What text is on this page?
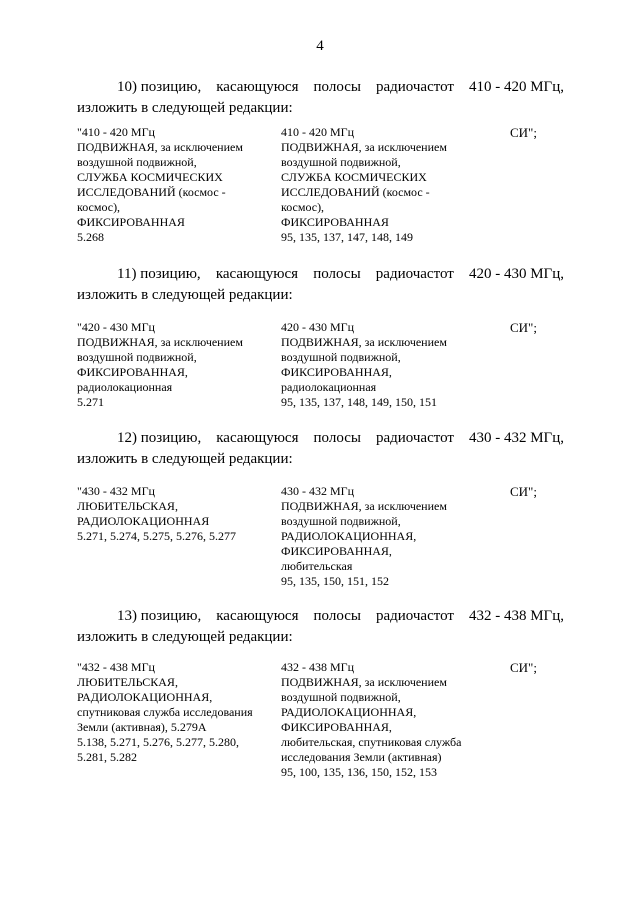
4
10) позицию, касающуюся полосы радиочастот 410 - 420 МГц,
изложить в следующей редакции:
"410 - 420 МГц
ПОДВИЖНАЯ, за исключением
воздушной подвижной,
СЛУЖБА КОСМИЧЕСКИХ
ИССЛЕДОВАНИЙ (космос -
космос),
ФИКСИРОВАННАЯ
5.268
410 - 420 МГц
ПОДВИЖНАЯ, за исключением
воздушной подвижной,
СЛУЖБА КОСМИЧЕСКИХ
ИССЛЕДОВАНИЙ (космос -
космос),
ФИКСИРОВАННАЯ
95, 135, 137, 147, 148, 149
СИ";
11) позицию, касающуюся полосы радиочастот 420 - 430 МГц,
изложить в следующей редакции:
"420 - 430 МГц
ПОДВИЖНАЯ, за исключением
воздушной подвижной,
ФИКСИРОВАННАЯ,
радиолокационная
5.271
420 - 430 МГц
ПОДВИЖНАЯ, за исключением
воздушной подвижной,
ФИКСИРОВАННАЯ,
радиолокационная
95, 135, 137, 148, 149, 150, 151
СИ";
12) позицию, касающуюся полосы радиочастот 430 - 432 МГц,
изложить в следующей редакции:
"430 - 432 МГц
ЛЮБИТЕЛЬСКАЯ,
РАДИОЛОКАЦИОННАЯ
5.271, 5.274, 5.275, 5.276, 5.277
430 - 432 МГц
ПОДВИЖНАЯ, за исключением
воздушной подвижной,
РАДИОЛОКАЦИОННАЯ,
ФИКСИРОВАННАЯ,
любительская
95, 135, 150, 151, 152
СИ";
13) позицию, касающуюся полосы радиочастот 432 - 438 МГц,
изложить в следующей редакции:
"432 - 438 МГц
ЛЮБИТЕЛЬСКАЯ,
РАДИОЛОКАЦИОННАЯ,
спутниковая служба исследования
Земли (активная), 5.279А
5.138, 5.271, 5.276, 5.277, 5.280,
5.281, 5.282
432 - 438 МГц
ПОДВИЖНАЯ, за исключением
воздушной подвижной,
РАДИОЛОКАЦИОННАЯ,
ФИКСИРОВАННАЯ,
любительская, спутниковая служба
исследования Земли (активная)
95, 100, 135, 136, 150, 152, 153
СИ";
